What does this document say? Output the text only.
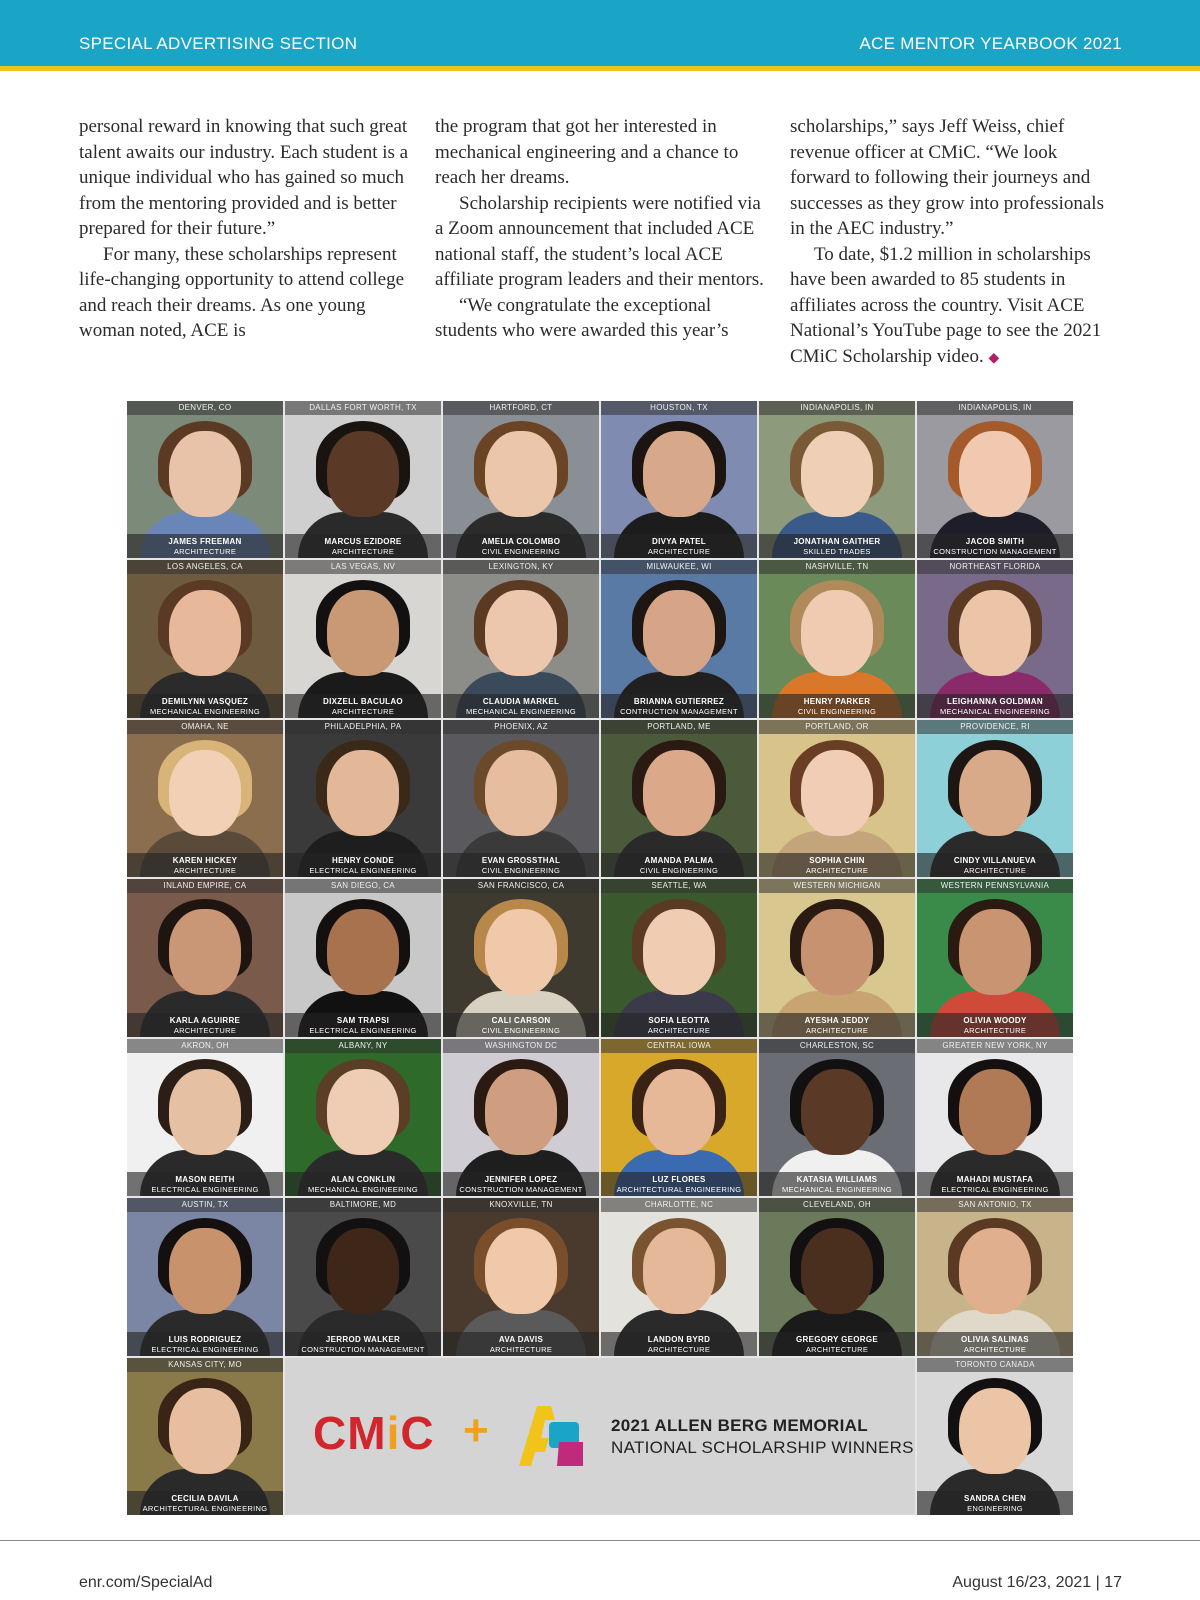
SPECIAL ADVERTISING SECTION	ACE MENTOR YEARBOOK 2021

personal reward in knowing that such great talent awaits our industry. Each student is a unique individual who has gained so much from the mentoring provided and is better prepared for their future.”

For many, these scholarships represent life-changing opportunity to attend college and reach their dreams. As one young woman noted, ACE is

the program that got her interested in mechanical engineering and a chance to reach her dreams.

Scholarship recipients were notified via a Zoom announcement that included ACE national staff, the student’s local ACE affiliate program leaders and their mentors.

“We congratulate the exceptional students who were awarded this year’s

scholarships,” says Jeff Weiss, chief revenue officer at CMiC. “We look forward to following their journeys and successes as they grow into professionals in the AEC industry.”

To date, $1.2 million in scholarships have been awarded to 85 students in affiliates across the country. Visit ACE National’s YouTube page to see the 2021 CMiC Scholarship video. ◆

DENVER, CO
JAMES FREEMAN
ARCHITECTURE
DALLAS FORT WORTH, TX
MARCUS EZIDORE
ARCHITECTURE
HARTFORD, CT
AMELIA COLOMBO
CIVIL ENGINEERING
HOUSTON, TX
DIVYA PATEL
ARCHITECTURE
INDIANAPOLIS, IN
JONATHAN GAITHER
SKILLED TRADES
INDIANAPOLIS, IN
JACOB SMITH
CONSTRUCTION MANAGEMENT
LOS ANGELES, CA
DEMILYNN VASQUEZ
MECHANICAL ENGINEERING
LAS VEGAS, NV
DIXZELL BACULAO
ARCHITECTURE
LEXINGTON, KY
CLAUDIA MARKEL
MECHANICAL ENGINEERING
MILWAUKEE, WI
BRIANNA GUTIERREZ
CONTRUCTION MANAGEMENT
NASHVILLE, TN
HENRY PARKER
CIVIL ENGINEERING
NORTHEAST FLORIDA
LEIGHANNA GOLDMAN
MECHANICAL ENGINEERING
OMAHA, NE
KAREN HICKEY
ARCHITECTURE
PHILADELPHIA, PA
HENRY CONDE
ELECTRICAL ENGINEERING
PHOENIX, AZ
EVAN GROSSTHAL
CIVIL ENGINEERING
PORTLAND, ME
AMANDA PALMA
CIVIL ENGINEERING
PORTLAND, OR
SOPHIA CHIN
ARCHITECTURE
PROVIDENCE, RI
CINDY VILLANUEVA
ARCHITECTURE
INLAND EMPIRE, CA
KARLA AGUIRRE
ARCHITECTURE
SAN DIEGO, CA
SAM TRAPSI
ELECTRICAL ENGINEERING
SAN FRANCISCO, CA
CALI CARSON
CIVIL ENGINEERING
SEATTLE, WA
SOFIA LEOTTA
ARCHITECTURE
WESTERN MICHIGAN
AYESHA JEDDY
ARCHITECTURE
WESTERN PENNSYLVANIA
OLIVIA WOODY
ARCHITECTURE
AKRON, OH
MASON REITH
ELECTRICAL ENGINEERING
ALBANY, NY
ALAN CONKLIN
MECHANICAL ENGINEERING
WASHINGTON DC
JENNIFER LOPEZ
CONSTRUCTION MANAGEMENT
CENTRAL IOWA
LUZ FLORES
ARCHITECTURAL ENGINEERING
CHARLESTON, SC
KATASIA WILLIAMS
MECHANICAL ENGINEERING
GREATER NEW YORK, NY
MAHADI MUSTAFA
ELECTRICAL ENGINEERING
AUSTIN, TX
LUIS RODRIGUEZ
ELECTRICAL ENGINEERING
BALTIMORE, MD
JERROD WALKER
CONSTRUCTION MANAGEMENT
KNOXVILLE, TN
AVA DAVIS
ARCHITECTURE
CHARLOTTE, NC
LANDON BYRD
ARCHITECTURE
CLEVELAND, OH
GREGORY GEORGE
ARCHITECTURE
SAN ANTONIO, TX
OLIVIA SALINAS
ARCHITECTURE
KANSAS CITY, MO
CECILIA DAVILA
ARCHITECTURAL ENGINEERING
TORONTO CANADA
SANDRA CHEN
ENGINEERING
CMiC +	2021 ALLEN BERG MEMORIAL
NATIONAL SCHOLARSHIP WINNERS
enr.com/SpecialAd	August 16/23, 2021 | 17
